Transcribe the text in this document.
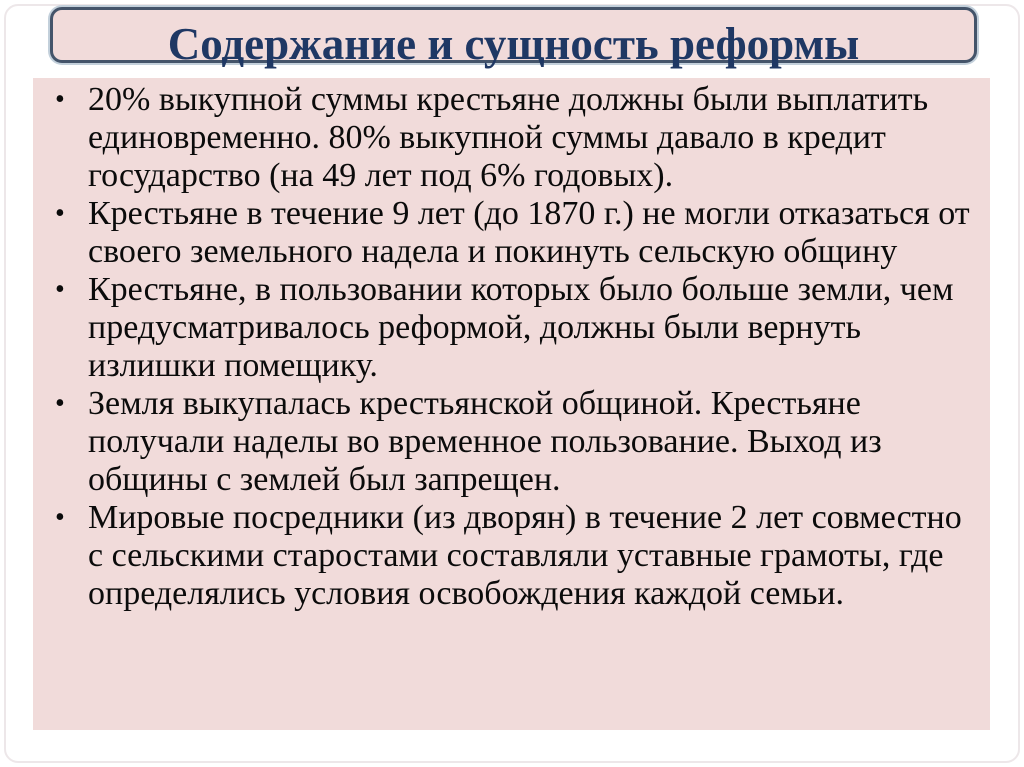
Содержание и сущность реформы
• 20% выкупной суммы крестьяне должны были выплатить единовременно. 80% выкупной суммы давало в кредит государство (на 49 лет под 6% годовых).
• Крестьяне в течение 9 лет (до 1870 г.) не могли отказаться от своего земельного надела и покинуть сельскую общину
• Крестьяне, в пользовании которых было больше земли, чем предусматривалось реформой, должны были вернуть излишки помещику.
• Земля выкупалась крестьянской общиной. Крестьяне получали наделы во временное пользование. Выход из общины с землей был запрещен.
• Мировые посредники (из дворян) в течение 2 лет совместно с сельскими старостами составляли уставные грамоты, где определялись условия освобождения каждой семьи.
